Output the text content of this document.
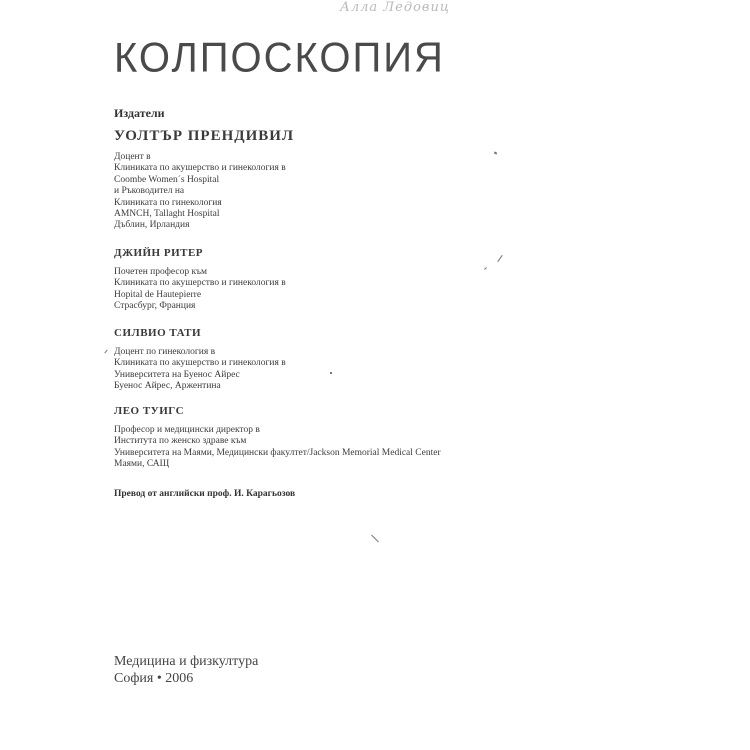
Алла Ледовиц
КОЛПОСКОПИЯ
Издатели
УОЛТЪР ПРЕНДИВИЛ
Доцент в
Клиниката по акушерство и гинекология в
Coombe Women´s Hospital
и Ръководител на
Клиниката по гинекология
AMNCH, Tallaght Hospital
Дъблин, Ирландия
ДЖИЙН РИТЕР
Почетен професор към
Клиниката по акушерство и гинекология в
Hopital de Hautepierre
Страсбург, Франция
СИЛВИО ТАТИ
Доцент по гинекология в
Клиниката по акушерство и гинекология в
Университета на Буенос Айрес
Буенос Айрес, Аржентина
ЛЕО ТУИГС
Професор и медицински директор в
Института по женско здраве към
Университета на Маями, Медицински факултет/Jackson Memorial Medical Center
Маями, САЩ
Превод от английски проф. И. Карагьозов
Медицина и физкултура
София • 2006
